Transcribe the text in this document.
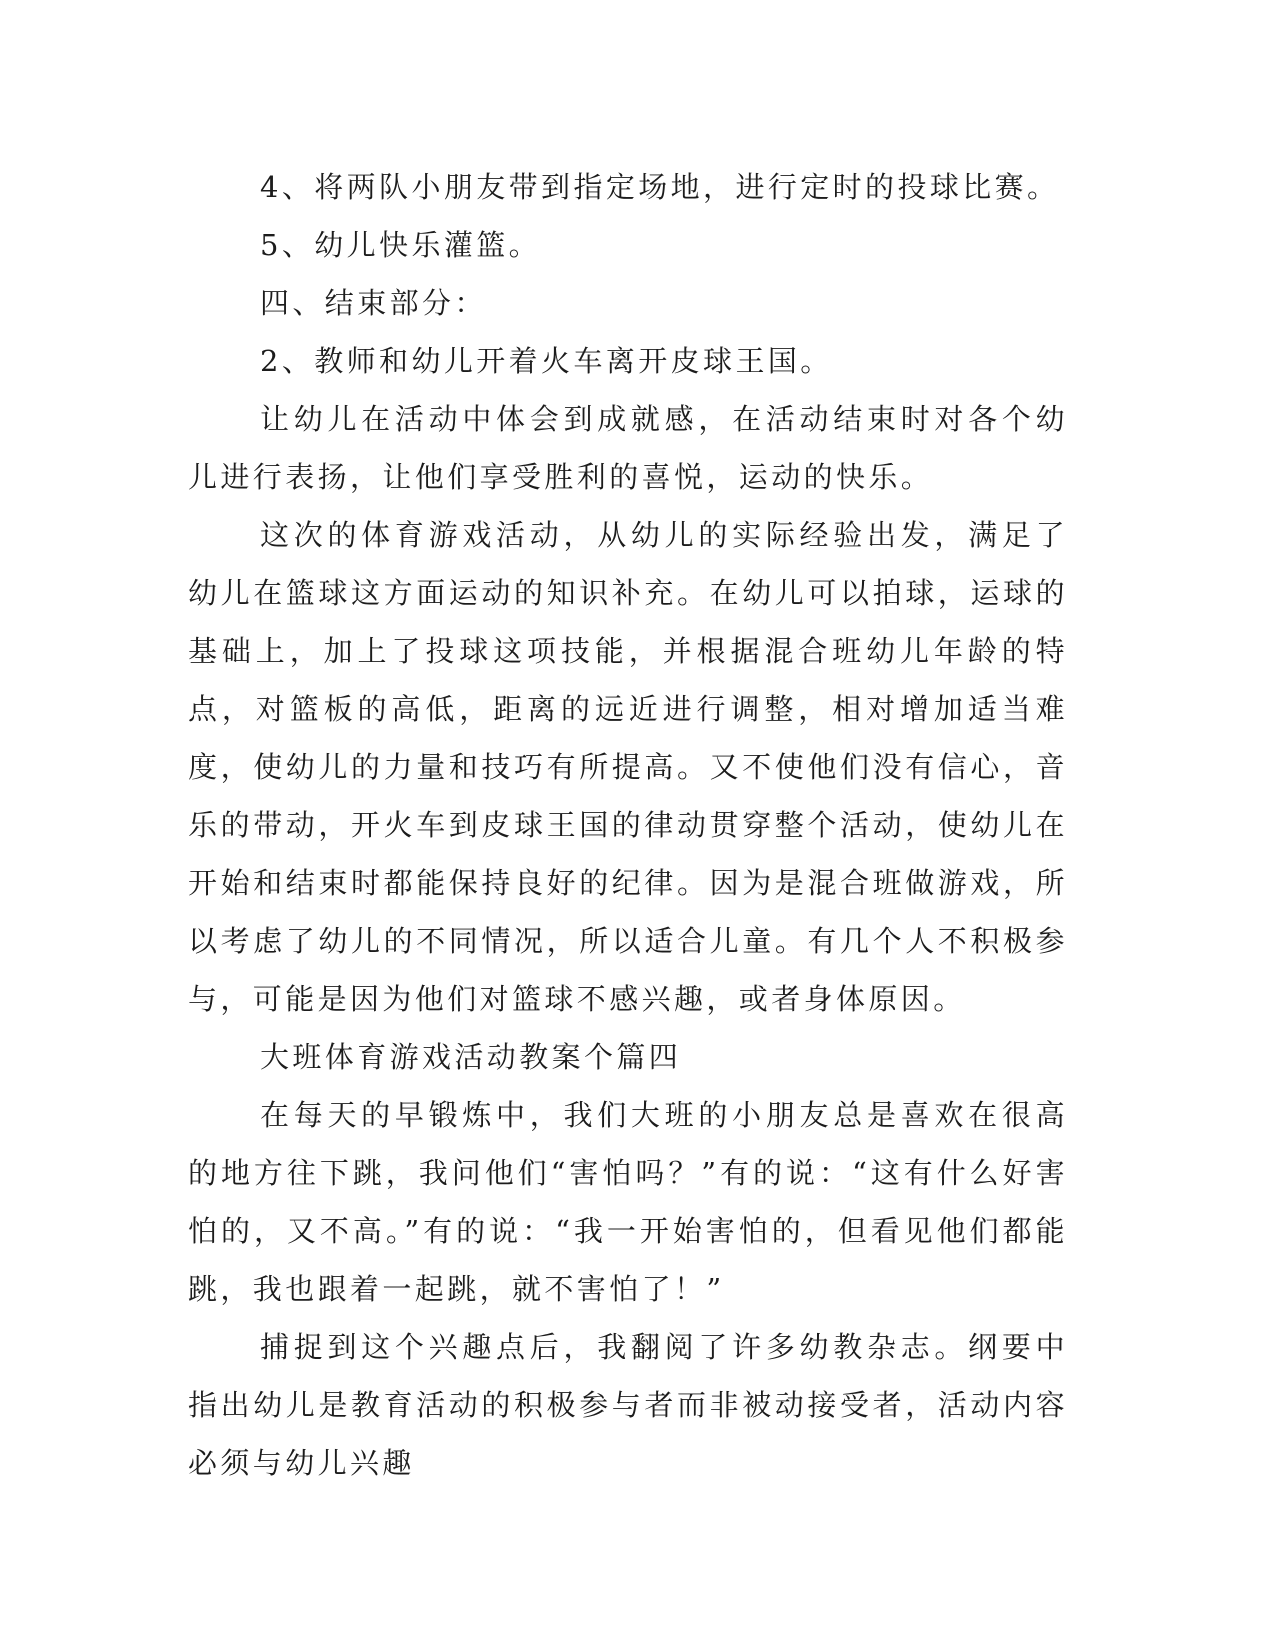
4、将两队小朋友带到指定场地，进行定时的投球比赛。

5、幼儿快乐灌篮。

四、结束部分：

2、教师和幼儿开着火车离开皮球王国。

让幼儿在活动中体会到成就感，在活动结束时对各个幼儿进行表扬，让他们享受胜利的喜悦，运动的快乐。

这次的体育游戏活动，从幼儿的实际经验出发，满足了幼儿在篮球这方面运动的知识补充。在幼儿可以拍球，运球的基础上，加上了投球这项技能，并根据混合班幼儿年龄的特点，对篮板的高低，距离的远近进行调整，相对增加适当难度，使幼儿的力量和技巧有所提高。又不使他们没有信心，音乐的带动，开火车到皮球王国的律动贯穿整个活动，使幼儿在开始和结束时都能保持良好的纪律。因为是混合班做游戏，所以考虑了幼儿的不同情况，所以适合儿童。有几个人不积极参与，可能是因为他们对篮球不感兴趣，或者身体原因。

大班体育游戏活动教案个篇四

在每天的早锻炼中，我们大班的小朋友总是喜欢在很高的地方往下跳，我问他们“害怕吗？”有的说：“这有什么好害怕的，又不高。”有的说：“我一开始害怕的，但看见他们都能跳，我也跟着一起跳，就不害怕了！”

捕捉到这个兴趣点后，我翻阅了许多幼教杂志。纲要中指出幼儿是教育活动的积极参与者而非被动接受者，活动内容必须与幼儿兴趣
